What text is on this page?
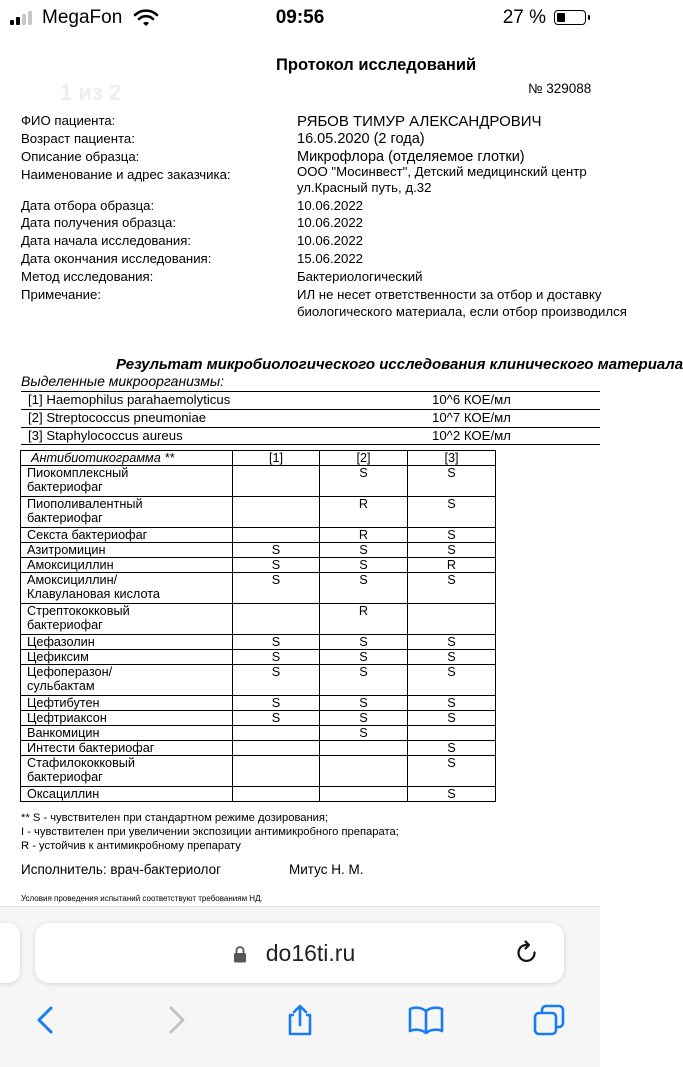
MegaFon	09:56	27 %
1 из 2
Протокол исследований
№ 329088
ФИО пациента:	РЯБОВ ТИМУР АЛЕКСАНДРОВИЧ
Возраст пациента:	16.05.2020 (2 года)
Описание образца:	Микрофлора (отделяемое глотки)
Наименование и адрес заказчика:	ООО "Мосинвест", Детский медицинский центр
ул.Красный путь, д.32
Дата отбора образца:	10.06.2022
Дата получения образца:	10.06.2022
Дата начала исследования:	10.06.2022
Дата окончания исследования:	15.06.2022
Метод исследования:	Бактериологический
Примечание:	ИЛ не несет ответственности за отбор и доставку
биологического материала, если отбор производился
Результат микробиологического исследования клинического материала
Выделенные микроорганизмы:
[1] Haemophilus parahaemolyticus	10^6 КОЕ/мл
[2] Streptococcus pneumoniae	10^7 КОЕ/мл
[3] Staphylococcus aureus	10^2 КОЕ/мл
Антибиотикограмма **	[1]	[2]	[3]
Пиокомплексный
бактериофаг		S	S
Пиополивалентный
бактериофаг		R	S
Секста бактериофаг		R	S
Азитромицин	S	S	S
Амоксициллин	S	S	R
Амоксициллин/
Клавулановая кислота	S	S	S
Стрептококковый
бактериофаг		R	
Цефазолин	S	S	S
Цефиксим	S	S	S
Цефоперазон/
сульбактам	S	S	S
Цефтибутен	S	S	S
Цефтриаксон	S	S	S
Ванкомицин		S	
Интести бактериофаг			S
Стафилококковый
бактериофаг			S
Оксациллин			S
** S - чувствителен при стандартном режиме дозирования;
I - чувствителен при увеличении экспозиции антимикробного препарата;
R - устойчив к антимикробному препарату
Исполнитель: врач-бактериолог	Митус Н. М.
Условия проведения испытаний соответствуют требованиям НД.
do16ti.ru
